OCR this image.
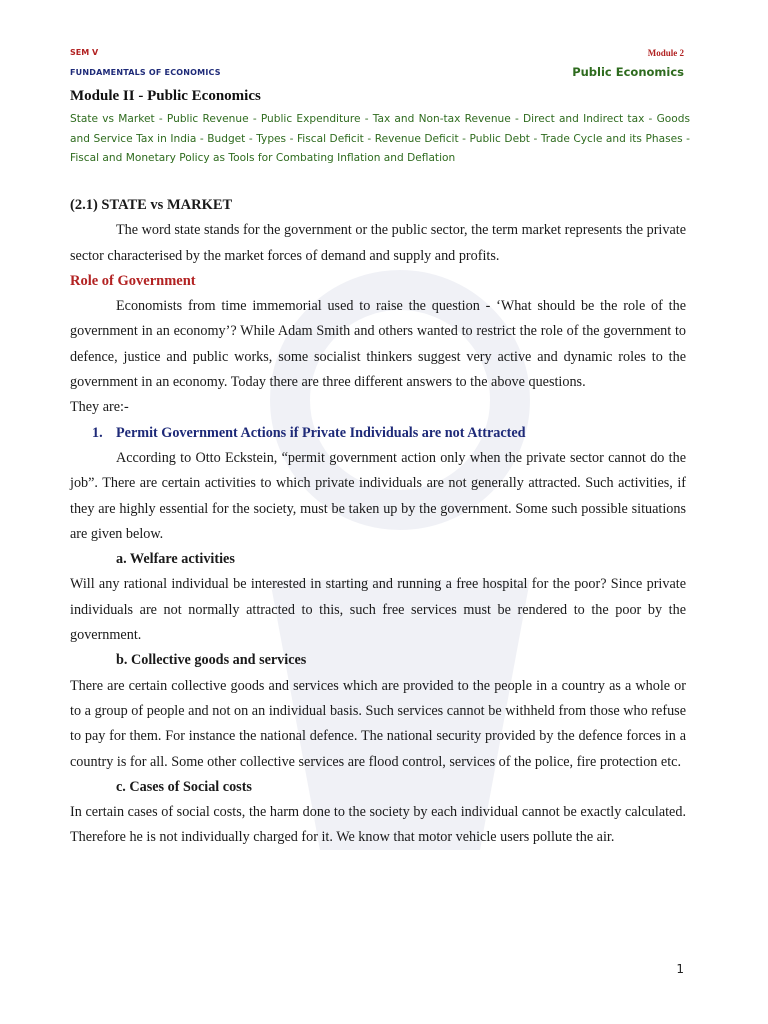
SEM V
FUNDAMENTALS OF ECONOMICS
Module 2
Public Economics
Module II - Public Economics
State vs Market - Public Revenue - Public Expenditure - Tax and Non-tax Revenue - Direct and Indirect tax - Goods and Service Tax in India - Budget - Types - Fiscal Deficit - Revenue Deficit - Public Debt - Trade Cycle and its Phases - Fiscal and Monetary Policy as Tools for Combating Inflation and Deflation

(2.1) STATE vs MARKET

The word state stands for the government or the public sector, the term market represents the private sector characterised by the market forces of demand and supply and profits.

Role of Government

Economists from time immemorial used to raise the question - ‘What should be the role of the government in an economy’? While Adam Smith and others wanted to restrict the role of the government to defence, justice and public works, some socialist thinkers suggest very active and dynamic roles to the government in an economy. Today there are three different answers to the above questions.

They are:-

1. Permit Government Actions if Private Individuals are not Attracted

According to Otto Eckstein, “permit government action only when the private sector cannot do the job”. There are certain activities to which private individuals are not generally attracted. Such activities, if they are highly essential for the society, must be taken up by the government. Some such possible situations are given below.

a. Welfare activities

Will any rational individual be interested in starting and running a free hospital for the poor? Since private individuals are not normally attracted to this, such free services must be rendered to the poor by the government.

b. Collective goods and services

There are certain collective goods and services which are provided to the people in a country as a whole or to a group of people and not on an individual basis. Such services cannot be withheld from those who refuse to pay for them. For instance the national defence. The national security provided by the defence forces in a country is for all. Some other collective services are flood control, services of the police, fire protection etc.

c. Cases of Social costs

In certain cases of social costs, the harm done to the society by each individual cannot be exactly calculated. Therefore he is not individually charged for it. We know that motor vehicle users pollute the air.

1
